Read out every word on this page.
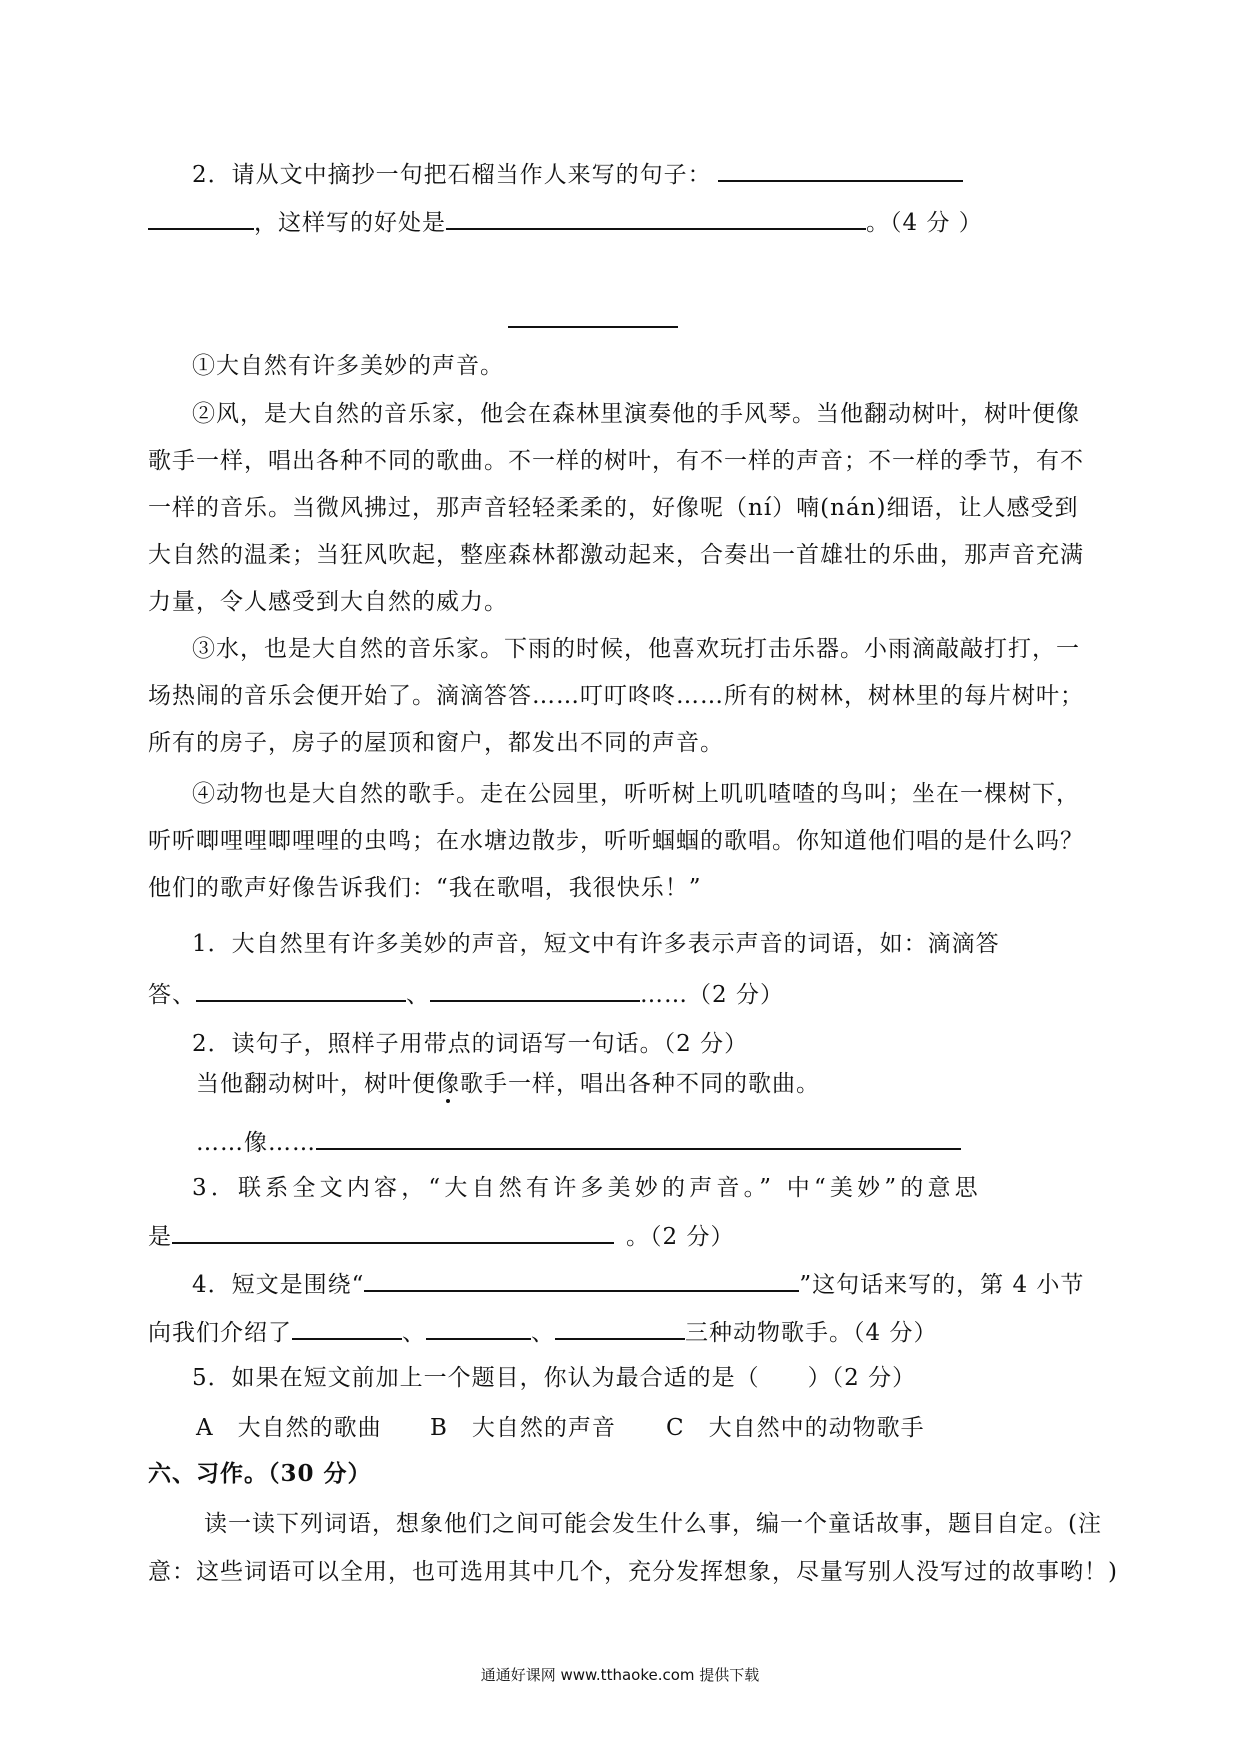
2．请从文中摘抄一句把石榴当作人来写的句子：
，这样写的好处是	。（4 分 ）
①大自然有许多美妙的声音。
②风，是大自然的音乐家，他会在森林里演奏他的手风琴。当他翻动树叶，树叶便像
歌手一样，唱出各种不同的歌曲。不一样的树叶，有不一样的声音；不一样的季节，有不
一样的音乐。当微风拂过，那声音轻轻柔柔的，好像呢（ní）喃(nán)细语，让人感受到
大自然的温柔；当狂风吹起，整座森林都激动起来，合奏出一首雄壮的乐曲，那声音充满
力量，令人感受到大自然的威力。
③水，也是大自然的音乐家。下雨的时候，他喜欢玩打击乐器。小雨滴敲敲打打，一
场热闹的音乐会便开始了。滴滴答答……叮叮咚咚……所有的树林，树林里的每片树叶；
所有的房子，房子的屋顶和窗户，都发出不同的声音。
④动物也是大自然的歌手。走在公园里，听听树上叽叽喳喳的鸟叫；坐在一棵树下，
听听唧哩哩唧哩哩的虫鸣；在水塘边散步，听听蝈蝈的歌唱。你知道他们唱的是什么吗？
他们的歌声好像告诉我们：“我在歌唱，我很快乐！”
1．大自然里有许多美妙的声音，短文中有许多表示声音的词语，如：滴滴答
答、	、	……（2 分）
2．读句子，照样子用带点的词语写一句话。（2 分）
当他翻动树叶，树叶便像歌手一样，唱出各种不同的歌曲。
……像……
3．联系全文内容，“大自然有许多美妙的声音。” 中“美妙”的意思
是	。（2 分）
4．短文是围绕“	”这句话来写的，第 4 小节
向我们介绍了	、	、	三种动物歌手。（4 分）
5．如果在短文前加上一个题目，你认为最合适的是（　　）（2 分）
A　大自然的歌曲 B　大自然的声音 C　大自然中的动物歌手
六、习作。（30 分）
读一读下列词语，想象他们之间可能会发生什么事，编一个童话故事，题目自定。(注
意：这些词语可以全用，也可选用其中几个，充分发挥想象，尽量写别人没写过的故事哟！)
通通好课网 www.tthaoke.com 提供下载
